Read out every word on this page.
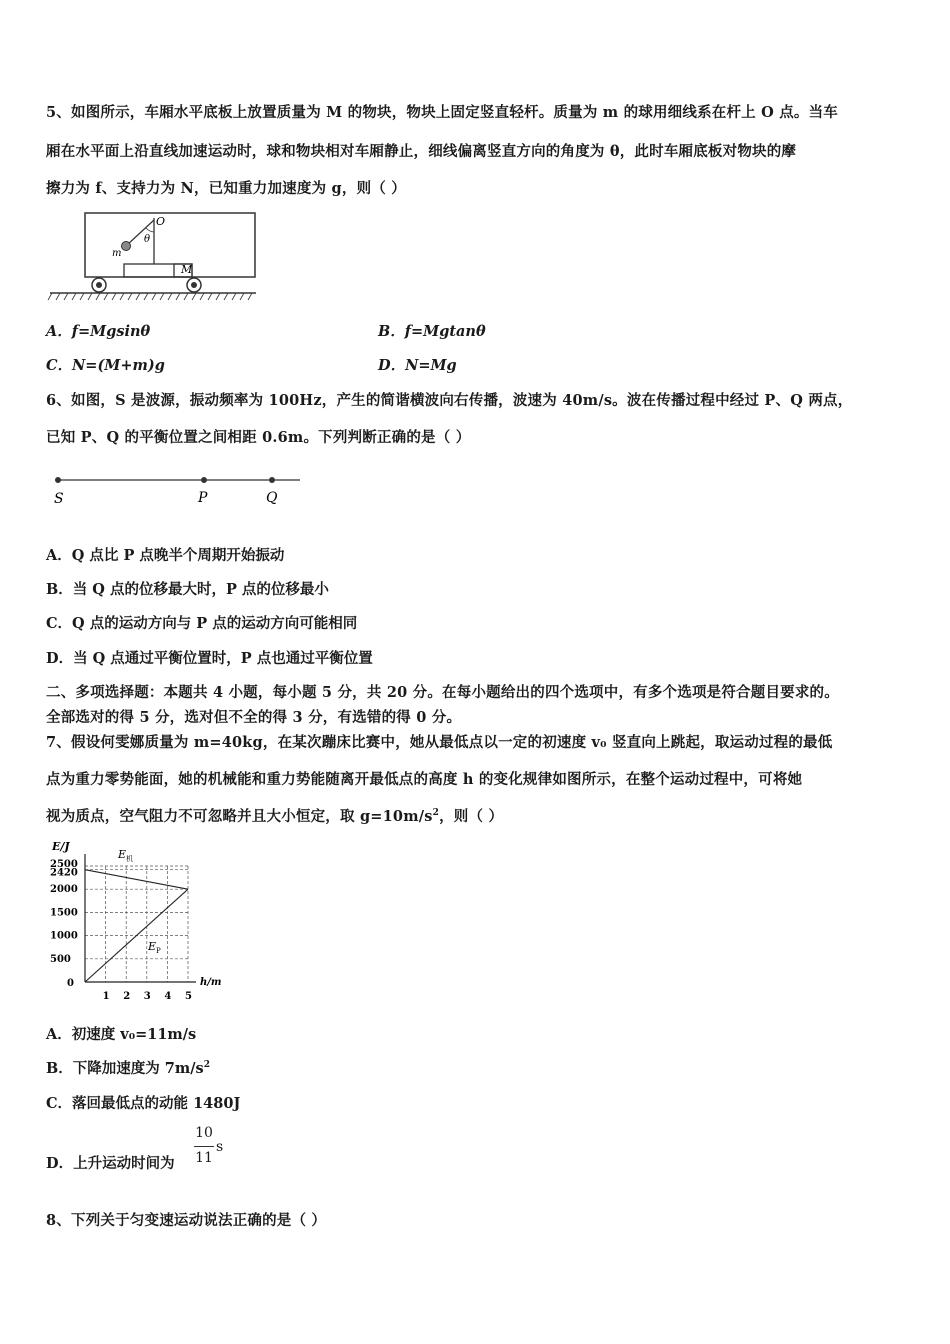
5、如图所示，车厢水平底板上放置质量为 M 的物块，物块上固定竖直轻杆。质量为 m 的球用细线系在杆上 O 点。当车
厢在水平面上沿直线加速运动时，球和物块相对车厢静止，细线偏离竖直方向的角度为 θ，此时车厢底板对物块的摩
擦力为 f、支持力为 N，已知重力加速度为 g，则（ ）
O
θ
m
M
A．f=Mgsinθ	B．f=Mgtanθ
C．N=(M+m)g	D．N=Mg
6、如图，S 是波源，振动频率为 100Hz，产生的简谐横波向右传播，波速为 40m/s。波在传播过程中经过 P、Q 两点，
已知 P、Q 的平衡位置之间相距 0.6m。下列判断正确的是（ ）
S	P	Q
A．Q 点比 P 点晚半个周期开始振动
B．当 Q 点的位移最大时，P 点的位移最小
C．Q 点的运动方向与 P 点的运动方向可能相同
D．当 Q 点通过平衡位置时，P 点也通过平衡位置
二、多项选择题：本题共 4 小题，每小题 5 分，共 20 分。在每小题给出的四个选项中，有多个选项是符合题目要求的。
全部选对的得 5 分，选对但不全的得 3 分，有选错的得 0 分。
7、假设何雯娜质量为 m=40kg，在某次蹦床比赛中，她从最低点以一定的初速度 v₀ 竖直向上跳起，取运动过程的最低
点为重力零势能面，她的机械能和重力势能随离开最低点的高度 h 的变化规律如图所示，在整个运动过程中，可将她
视为质点，空气阻力不可忽略并且大小恒定，取 $g=10m/s^2$，则（ ）
E/J
h/m
1 2 3 4 5
0
500
1000
1500
2000
2420
2500
$E_机$
$E_P$
A．初速度 v₀=11m/s
B．下降加速度为 $7m/s^2$
C．落回最低点的动能 1480J
D．上升运动时间为
10
11
s
8、下列关于匀变速运动说法正确的是（ ）
